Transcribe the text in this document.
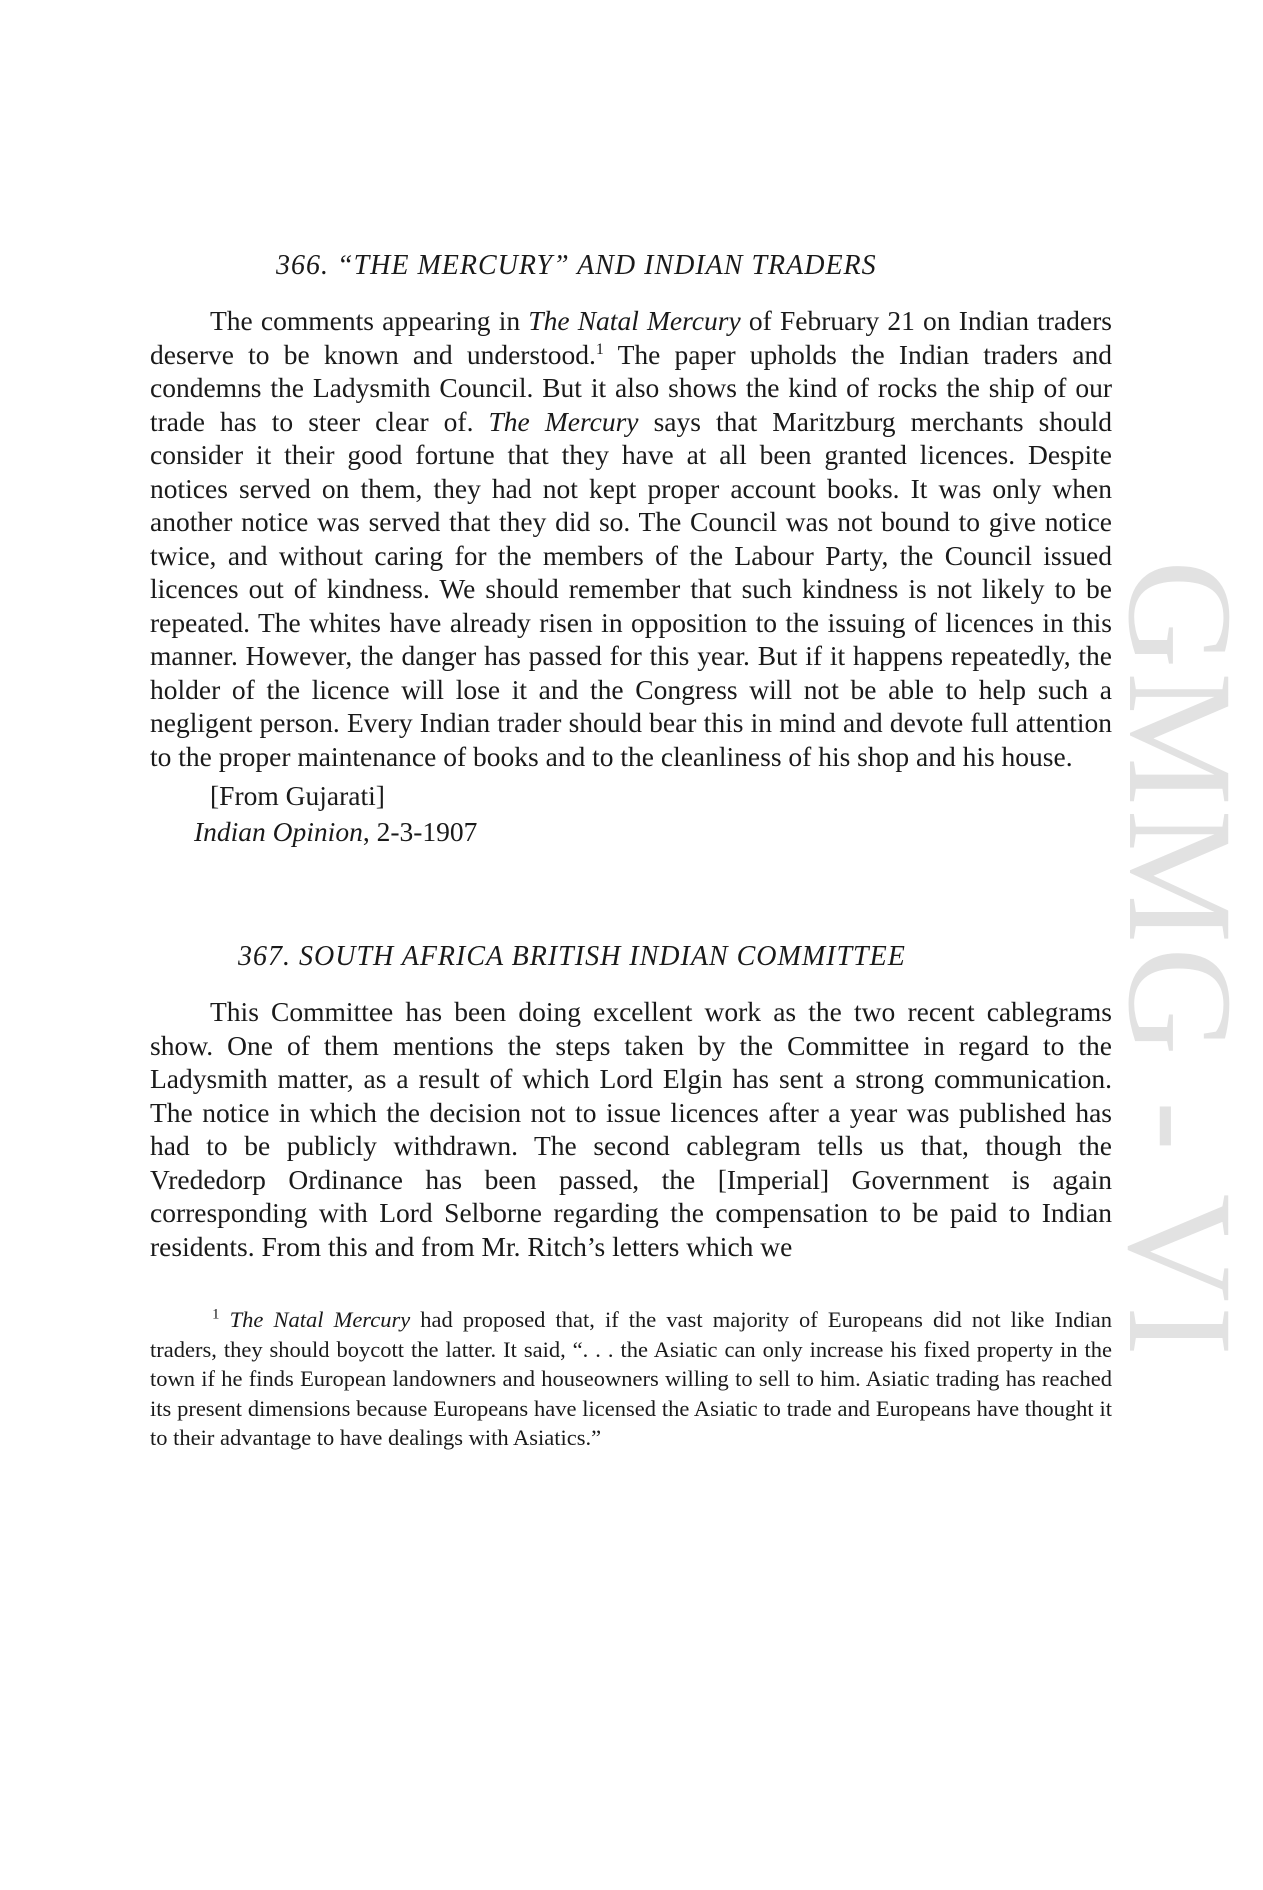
GMMG - VI
366. “THE MERCURY” AND INDIAN TRADERS

The comments appearing in The Natal Mercury of February 21 on Indian traders deserve to be known and understood.$^1$ The paper upholds the Indian traders and condemns the Ladysmith Council. But it also shows the kind of rocks the ship of our trade has to steer clear of. The Mercury says that Maritzburg merchants should consider it their good fortune that they have at all been granted licences. Despite notices served on them, they had not kept proper account books. It was only when another notice was served that they did so. The Council was not bound to give notice twice, and without caring for the members of the Labour Party, the Council issued licences out of kindness. We should remember that such kindness is not likely to be repeated. The whites have already risen in opposition to the issuing of licences in this manner. However, the danger has passed for this year. But if it happens repeatedly, the holder of the licence will lose it and the Congress will not be able to help such a negligent person. Every Indian trader should bear this in mind and devote full attention to the proper maintenance of books and to the cleanliness of his shop and his house.

[From Gujarati]
Indian Opinion, 2-3-1907
367. SOUTH AFRICA BRITISH INDIAN COMMITTEE

This Committee has been doing excellent work as the two recent cablegrams show. One of them mentions the steps taken by the Committee in regard to the Ladysmith matter, as a result of which Lord Elgin has sent a strong communication. The notice in which the decision not to issue licences after a year was published has had to be publicly withdrawn. The second cablegram tells us that, though the Vrededorp Ordinance has been passed, the [Imperial] Government is again corresponding with Lord Selborne regarding the compensation to be paid to Indian residents. From this and from Mr. Ritch’s letters which we

$^1$ The Natal Mercury had proposed that, if the vast majority of Europeans did not like Indian traders, they should boycott the latter. It said, “. . . the Asiatic can only increase his fixed property in the town if he finds European landowners and houseowners willing to sell to him. Asiatic trading has reached its present dimensions because Europeans have licensed the Asiatic to trade and Europeans have thought it to their advantage to have dealings with Asiatics.”
